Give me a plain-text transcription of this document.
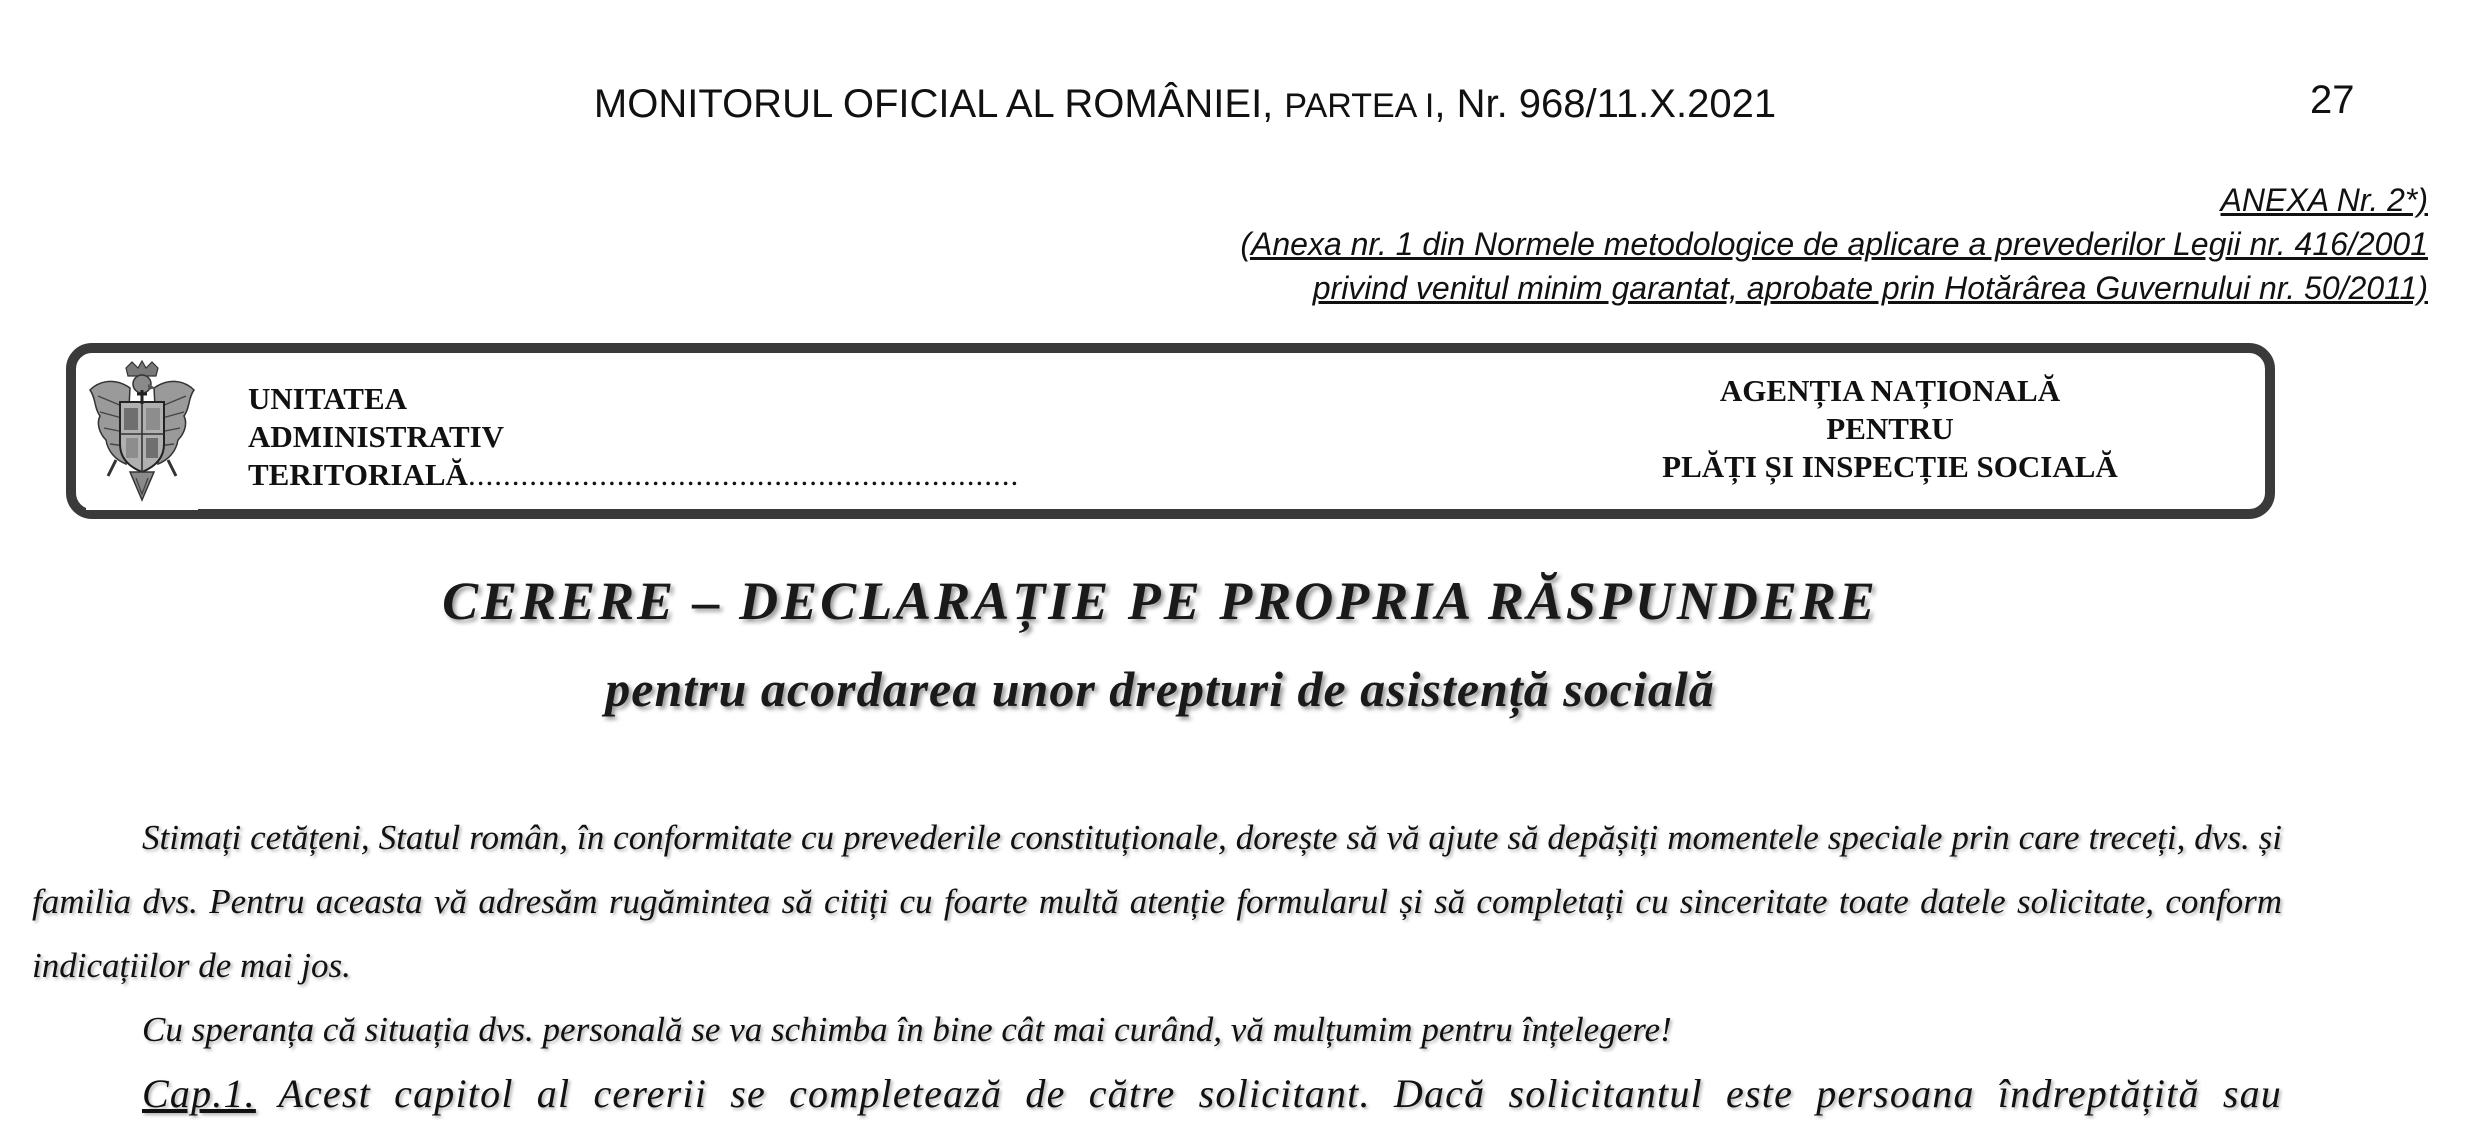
MONITORUL OFICIAL AL ROMÂNIEI, PARTEA I, Nr. 968/11.X.2021	27
ANEXA Nr. 2*)
(Anexa nr. 1 din Normele metodologice de aplicare a prevederilor Legii nr. 416/2001
privind venitul minim garantat, aprobate prin Hotărârea Guvernului nr. 50/2011)
UNITATEA
ADMINISTRATIV
TERITORIALĂ...............................................................
AGENȚIA NAȚIONALĂ
PENTRU
PLĂȚI ȘI INSPECȚIE SOCIALĂ
CERERE – DECLARAȚIE PE PROPRIA RĂSPUNDERE
pentru acordarea unor drepturi de asistență socială

Stimați cetățeni, Statul român, în conformitate cu prevederile constituționale, dorește să vă ajute să depășiți momentele speciale prin care treceți, dvs. și familia dvs. Pentru aceasta vă adresăm rugămintea să citiți cu foarte multă atenție formularul și să completați cu sinceritate toate datele solicitate, conform indicațiilor de mai jos.

Cu speranța că situația dvs. personală se va schimba în bine cât mai curând, vă mulțumim pentru înțelegere!

Cap.1. Acest capitol al cererii se completează de către solicitant. Dacă solicitantul este persoana îndreptățită sau
